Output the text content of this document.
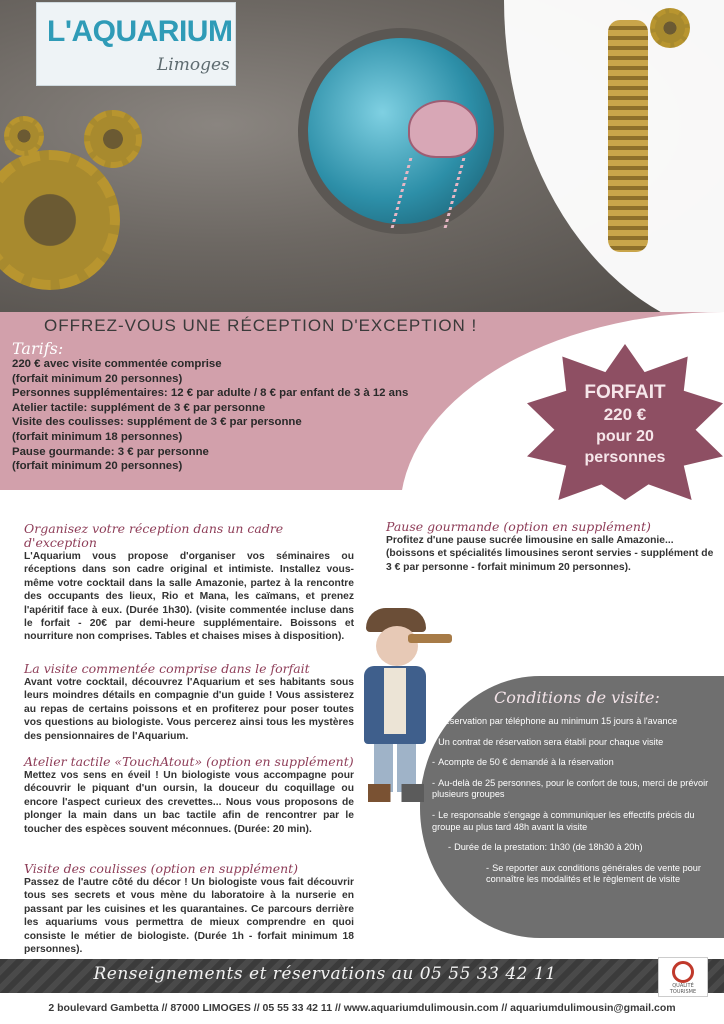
L'AQUARIUM
Limoges
OFFREZ-VOUS UNE RÉCEPTION D'EXCEPTION !
Tarifs:
220 € avec visite commentée comprise
(forfait minimum 20 personnes)
Personnes supplémentaires: 12 € par adulte / 8 € par enfant de 3 à 12 ans
Atelier tactile: supplément de 3 € par personne
Visite des coulisses: supplément de 3 € par personne
(forfait minimum 18 personnes)
Pause gourmande: 3 € par personne
(forfait minimum 20 personnes)
FORFAIT
220 €
pour 20
personnes
Organisez votre réception dans un cadre d'exception
L'Aquarium vous propose d'organiser vos séminaires ou réceptions dans son cadre original et intimiste. Installez vous-même votre cocktail dans la salle Amazonie, partez à la rencontre des occupants des lieux, Rio et Mana, les caïmans, et prenez l'apéritif face à eux. (Durée 1h30). (visite commentée incluse dans le forfait - 20€ par demi-heure supplémentaire. Boissons et nourriture non comprises. Tables et chaises mises à disposition).
La visite commentée comprise dans le forfait
Avant votre cocktail, découvrez l'Aquarium et ses habitants sous leurs moindres détails en compagnie d'un guide ! Vous assisterez au repas de certains poissons et en profiterez pour poser toutes vos questions au biologiste. Vous percerez ainsi tous les mystères des pensionnaires de l'Aquarium.
Atelier tactile «TouchAtout» (option en supplément)
Mettez vos sens en éveil ! Un biologiste vous accompagne pour découvrir le piquant d'un oursin, la douceur du coquillage ou encore l'aspect curieux des crevettes... Nous vous proposons de plonger la main dans un bac tactile afin de rencontrer par le toucher des espèces souvent méconnues. (Durée: 20 min).
Visite des coulisses (option en supplément)
Passez de l'autre côté du décor ! Un biologiste vous fait découvrir tous ses secrets et vous mène du laboratoire à la nurserie en passant par les cuisines et les quarantaines. Ce parcours derrière les aquariums vous permettra de mieux comprendre en quoi consiste le métier de biologiste. (Durée 1h - forfait minimum 18 personnes).
Pause gourmande (option en supplément)
Profitez d'une pause sucrée limousine en salle Amazonie... (boissons et spécialités limousines seront servies - supplément de 3 € par personne - forfait minimum 20 personnes).
Conditions de visite:
- Réservation par téléphone au minimum 15 jours à l'avance
- Un contrat de réservation sera établi pour chaque visite
- Acompte de 50 € demandé à la réservation
- Au-delà de 25 personnes, pour le confort de tous, merci de prévoir plusieurs groupes
- Le responsable s'engage à communiquer les effectifs précis du groupe au plus tard 48h avant la visite
- Durée de la prestation: 1h30 (de 18h30 à 20h)
- Se reporter aux conditions générales de vente pour connaître les modalités et le règlement de visite
Renseignements et réservations au 05 55 33 42 11
QUALITÉ TOURISME
2 boulevard Gambetta // 87000 LIMOGES // 05 55 33 42 11 // www.aquariumdulimousin.com // aquariumdulimousin@gmail.com
